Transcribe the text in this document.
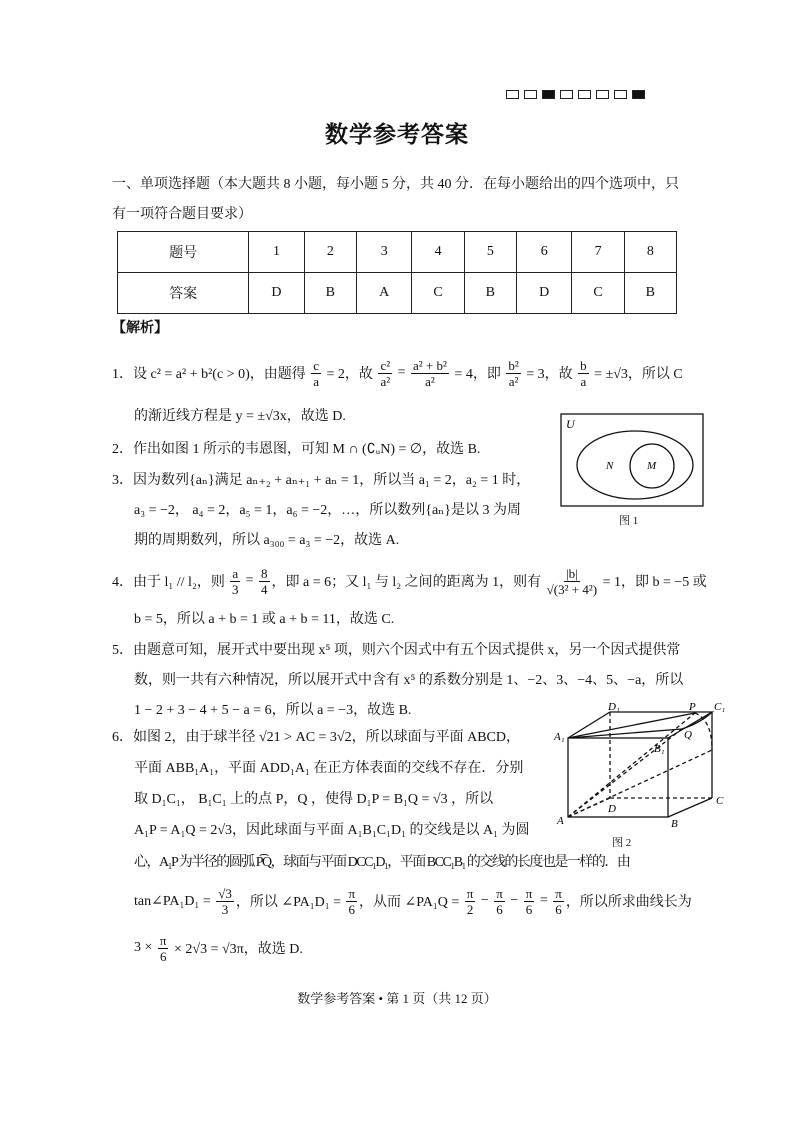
数学参考答案
一、单项选择题（本大题共 8 小题，每小题 5 分，共 40 分．在每小题给出的四个选项中，只
有一项符合题目要求）
题号	1	2	3	4	5	6	7	8
答案	D	B	A	C	B	D	C	B
【解析】
1．设 c² = a² + b²(c > 0)，由题得 $\frac{c}{a} = 2$，故 $\frac{\text{c²}}{\text{a²}} = \frac{\text{a² + b²}}{\text{a²}} = 4$，即 $\frac{\text{b²}}{\text{a²}} = 3$，故 $\frac{b}{a} = \pm√3$，所以 C
的渐近线方程是 y = ±√3x，故选 D.
2．作出如图 1 所示的韦恩图，可知 M ∩ (∁ᵤN) = ∅，故选 B.
3．因为数列{aₙ}满足 aₙ₊₂ + aₙ₊₁ + aₙ = 1，所以当 a₁ = 2，a₂ = 1 时，
a₃ = −2， a₄ = 2，a₅ = 1，a₆ = −2，…，所以数列{aₙ}是以 3 为周
期的周期数列，所以 a₃₀₀ = a₃ = −2，故选 A.
4．由于 l₁ // l₂，则 $\frac{a}{3} = \frac{8}{4}$ ，即 a = 6；又 l₁ 与 l₂ 之间的距离为 1，则有 $\frac{|b|}{\text{√(3² + 4²)}} = 1$，即 b = −5 或
b = 5，所以 a + b = 1 或 a + b = 11，故选 C.
5．由题意可知，展开式中要出现 x⁵ 项，则六个因式中有五个因式提供 x，另一个因式提供常
数，则一共有六种情况，所以展开式中含有 x⁵ 的系数分别是 1、−2、3、−4、5、−a，所以
1 − 2 + 3 − 4 + 5 − a = 6，所以 a = −3，故选 B.
6．如图 2，由于球半径 √21 > AC = 3√2，所以球面与平面 ABCD，
平面 ABB₁A₁，平面 ADD₁A₁ 在正方体表面的交线不存在．分别
取 D₁C₁， B₁C₁ 上的点 P，Q ，使得 D₁P = B₁Q = √3 ，所以
A₁P = A₁Q = 2√3，因此球面与平面 A₁B₁C₁D₁ 的交线是以 A₁ 为圆
心，A₁P 为半径的圆弧 P͡Q，球面与平面 DCC₁D₁，平面 BCC₁B₁ 的交线的长度也是一样的．由
tan∠PA₁D₁ = $\frac{√3}{3}$ ，所以 ∠PA₁D₁ = $\frac{\pi}{6}$ ，从而 ∠PA₁Q = $\frac{\pi}{2} - \frac{\pi}{6} - \frac{\pi}{6} = \frac{\pi}{6}$ ，所以所求曲线长为
$3 \times \frac{\pi}{6} \times 2√3 = √3\pi$，故选 D.
U
N	M
图 1
D₁	P C₁
A₁	Q
B₁
D
C
A	B
图 2
数学参考答案 • 第 1 页（共 12 页）
